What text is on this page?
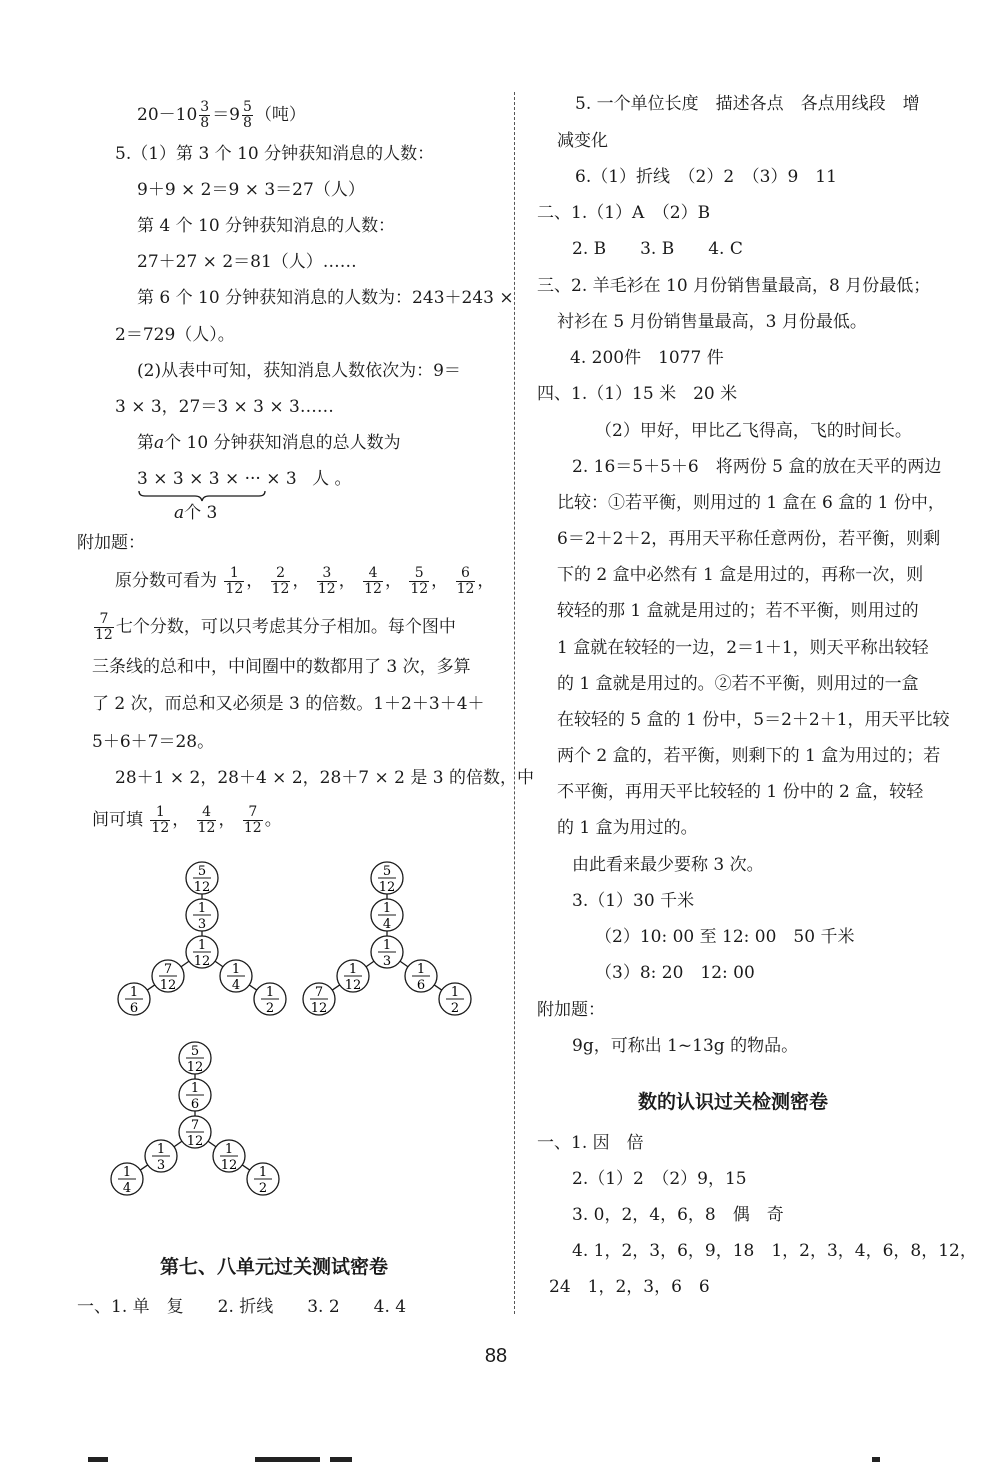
$20-10 \frac{3}{8} =9 \frac{5}{8}$ （吨）
5.（1）第 3 个 10 分钟获知消息的人数：
9＋9 × 2＝9 × 3＝27（人）
第 4 个 10 分钟获知消息的人数：
27＋27 × 2＝81（人）……
第 6 个 10 分钟获知消息的人数为：243＋243 ×
2＝729（人）。
(2)从表中可知，获知消息人数依次为：9＝
3 × 3，27＝3 × 3 × 3……
第a个 10 分钟获知消息的总人数为
3 × 3 × 3 × ··· × 3 人 。
a个 3
附加题：
原分数可看为 $\frac{1}{12}$ ， $\frac{2}{12}$ ， $\frac{3}{12}$ ， $\frac{4}{12}$ ， $\frac{5}{12}$ ， $\frac{6}{12}$ ，
$\frac{7}{12}$ 七个分数，可以只考虑其分子相加。每个图中
三条线的总和中，中间圈中的数都用了 3 次，多算
了 2 次，而总和又必须是 3 的倍数。1＋2＋3＋4＋
5＋6＋7＝28。
28＋1 × 2，28＋4 × 2，28＋7 × 2 是 3 的倍数，中
间可填 $\frac{1}{12}$ ， $\frac{4}{12}$ ， $\frac{7}{12}$ 。
5
12
1
3
1
12
7
12
1
6
1
4 1
2
5
12
1
4
1
3
1
12
7
12
1
6 1
2
5
12
1
6
7
12
1
3
1
4
1
12 1
2
第七、八单元过关测试密卷
一、1. 单　复　　2. 折线　　3. 2　　4. 4
5. 一个单位长度　描述各点　各点用线段　增
减变化
6.（1）折线　（2）2　（3）9　11
二、1.（1）A　（2）B
2. B　　3. B　　4. C
三、2. 羊毛衫在 10 月份销售量最高，8 月份最低；
衬衫在 5 月份销售量最高，3 月份最低。
4. 200件　1077 件
四、1.（1）15 米　20 米
（2）甲好，甲比乙飞得高，飞的时间长。
2. 16＝5＋5＋6　将两份 5 盒的放在天平的两边
比较：①若平衡，则用过的 1 盒在 6 盒的 1 份中，
6＝2＋2＋2，再用天平称任意两份，若平衡，则剩
下的 2 盒中必然有 1 盒是用过的，再称一次，则
较轻的那 1 盒就是用过的；若不平衡，则用过的
1 盒就在较轻的一边，2＝1＋1，则天平称出较轻
的 1 盒就是用过的。②若不平衡，则用过的一盒
在较轻的 5 盒的 1 份中，5＝2＋2＋1，用天平比较
两个 2 盒的，若平衡，则剩下的 1 盒为用过的；若
不平衡，再用天平比较轻的 1 份中的 2 盒，较轻
的 1 盒为用过的。
由此看来最少要称 3 次。
3.（1）30 千米
（2）10: 00 至 12: 00　50 千米
（3）8: 20　12: 00
附加题：
9g，可称出 1~13g 的物品。
数的认识过关检测密卷
一、1. 因　倍
2.（1）2　（2）9，15
3. 0，2，4，6，8　偶　奇
4. 1，2，3，6，9，18　1，2，3，4，6，8，12，
24　1，2，3，6　6
88
